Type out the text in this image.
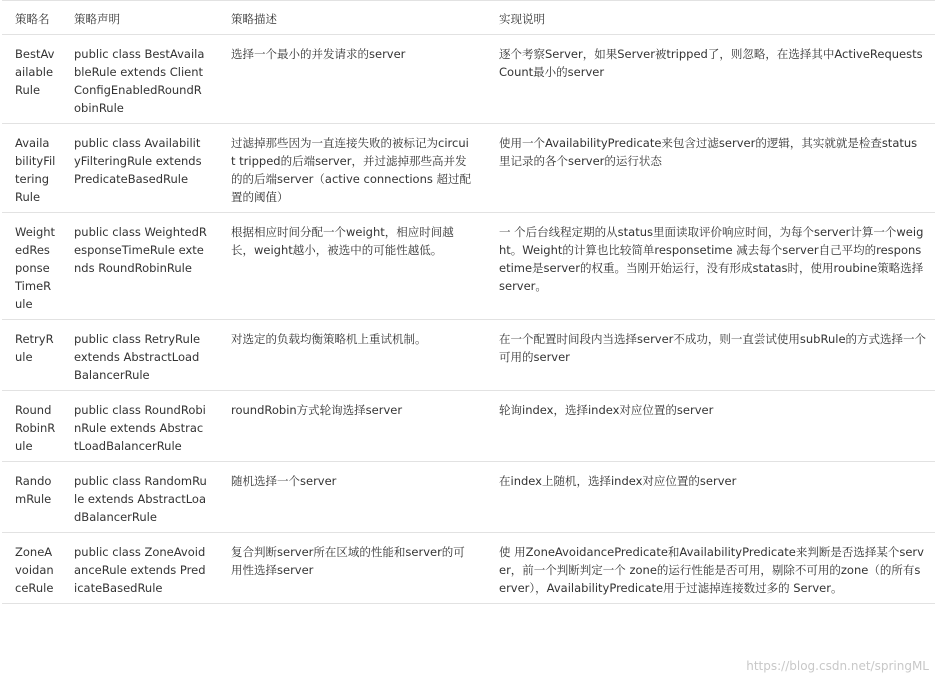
策略名	策略声明	策略描述	实现说明
BestAvailableRule	public class BestAvailableRule extends ClientConfigEnabledRoundRobinRule	选择一个最小的并发请求的server	逐个考察Server，如果Server被tripped了，则忽略，在选择其中ActiveRequestsCount最小的server
AvailabilityFilteringRule	public class AvailabilityFilteringRule extends PredicateBasedRule	过滤掉那些因为一直连接失败的被标记为circuit tripped的后端server，并过滤掉那些高并发的的后端server（active connections 超过配置的阈值）	使用一个AvailabilityPredicate来包含过滤server的逻辑，其实就就是检查status里记录的各个server的运行状态
WeightedResponseTimeRule	public class WeightedResponseTimeRule extends RoundRobinRule	根据相应时间分配一个weight，相应时间越长，weight越小，被选中的可能性越低。	一 个后台线程定期的从status里面读取评价响应时间，为每个server计算一个weight。Weight的计算也比较简单responsetime 减去每个server自己平均的responsetime是server的权重。当刚开始运行，没有形成statas时，使用roubine策略选择 server。
RetryRule	public class RetryRule extends AbstractLoadBalancerRule	对选定的负载均衡策略机上重试机制。	在一个配置时间段内当选择server不成功，则一直尝试使用subRule的方式选择一个可用的server
RoundRobinRule	public class RoundRobinRule extends AbstractLoadBalancerRule	roundRobin方式轮询选择server	轮询index，选择index对应位置的server
RandomRule	public class RandomRule extends AbstractLoadBalancerRule	随机选择一个server	在index上随机，选择index对应位置的server
ZoneAvoidanceRule	public class ZoneAvoidanceRule extends PredicateBasedRule	复合判断server所在区域的性能和server的可用性选择server	使 用ZoneAvoidancePredicate和AvailabilityPredicate来判断是否选择某个server，前一个判断判定一个 zone的运行性能是否可用，剔除不可用的zone（的所有server），AvailabilityPredicate用于过滤掉连接数过多的 Server。
https://blog.csdn.net/springML
